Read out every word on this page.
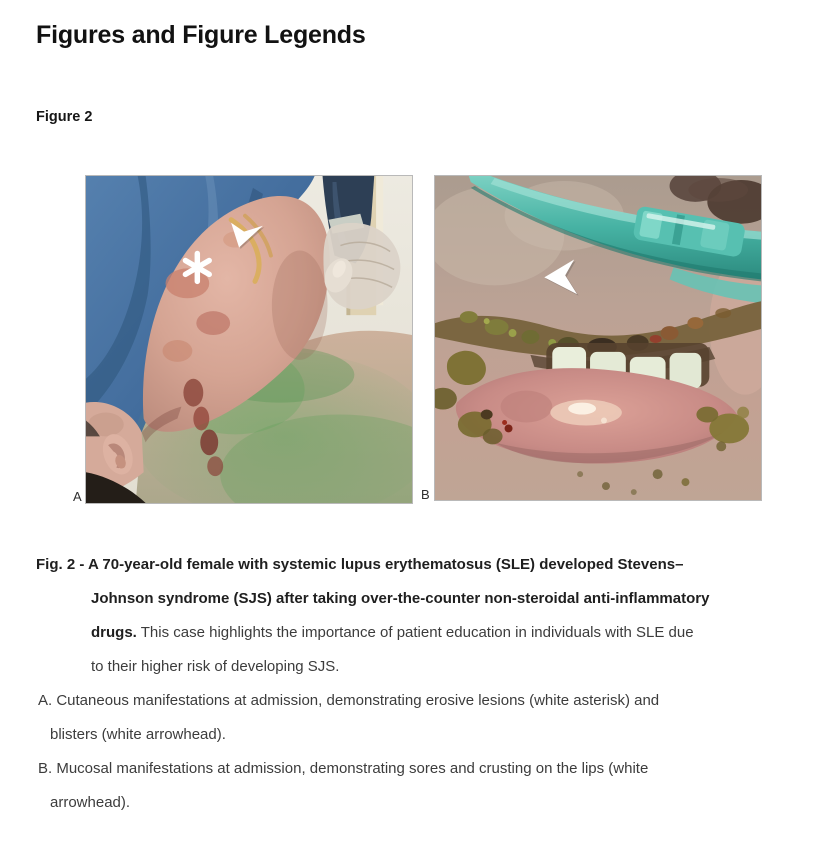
Figures and Figure Legends
Figure 2
A	B
Fig. 2 - A 70-year-old female with systemic lupus erythematosus (SLE) developed Stevens–
Johnson syndrome (SJS) after taking over-the-counter non-steroidal anti-inflammatory
drugs. This case highlights the importance of patient education in individuals with SLE due
to their higher risk of developing SJS.
A. Cutaneous manifestations at admission, demonstrating erosive lesions (white asterisk) and
blisters (white arrowhead).
B. Mucosal manifestations at admission, demonstrating sores and crusting on the lips (white
arrowhead).
